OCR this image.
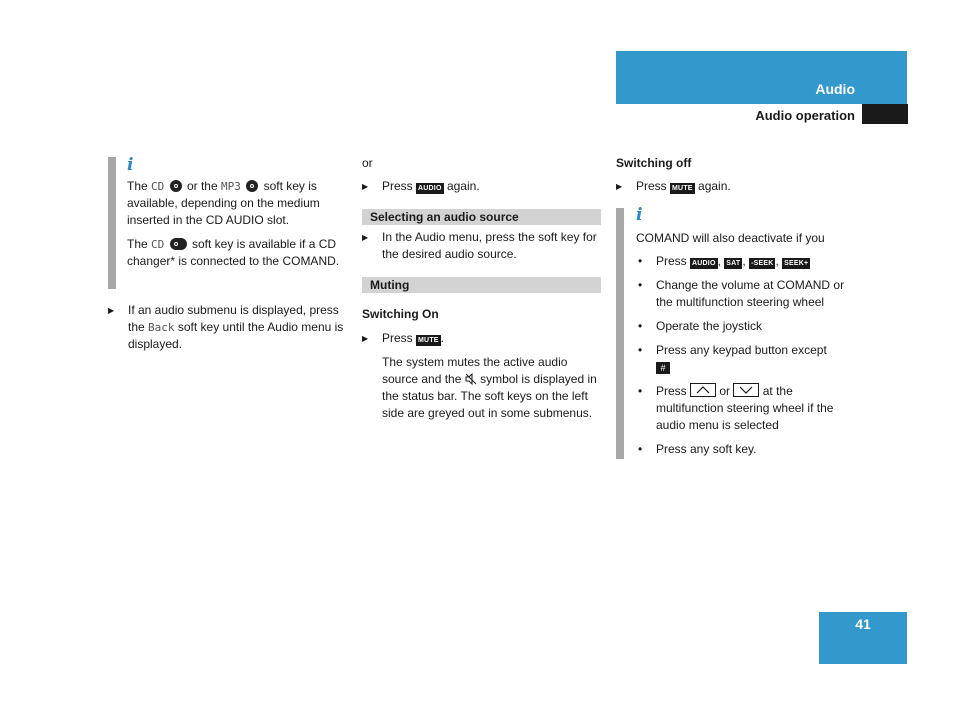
Audio
Audio operation
i

The CD or the MP3 soft key is available, depending on the medium inserted in the CD AUDIO slot.

The CD soft key is available if a CD changer* is connected to the COMAND.

▶ If an audio submenu is displayed, press the Back soft key until the Audio menu is displayed.
or
▶ Press AUDIO again.
Selecting an audio source
▶ In the Audio menu, press the soft key for the desired audio source.
Muting
Switching On
▶ Press MUTE .
The system mutes the active audio source and the symbol is displayed in the status bar. The soft keys on the left side are greyed out in some submenus.
Switching off
▶ Press MUTE again.
i

COMAND will also deactivate if you

• Press AUDIO , SAT , -SEEK , SEEK+
• Change the volume at COMAND or the multifunction steering wheel
• Operate the joystick
• Press any keypad button except
#
• Press	or	at the multifunction steering wheel if the audio menu is selected
• Press any soft key.
41
